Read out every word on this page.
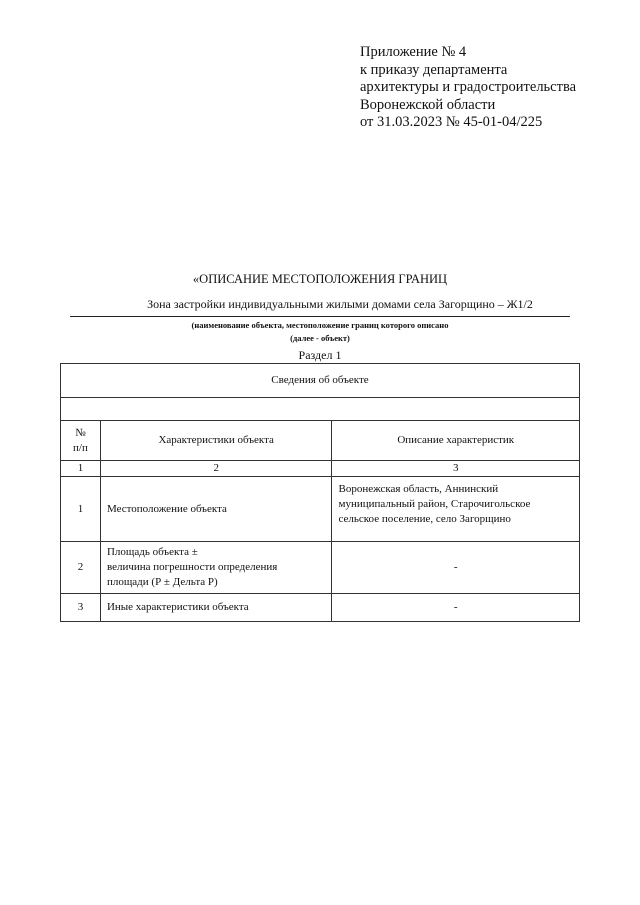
Приложение № 4
к приказу департамента
архитектуры и градостроительства
Воронежской области
от 31.03.2023 № 45-01-04/225
«ОПИСАНИЕ МЕСТОПОЛОЖЕНИЯ ГРАНИЦ
Зона застройки индивидуальными жилыми домами села Загорщино – Ж1/2
(наименование объекта, местоположение границ которого описано
(далее - объект)
Раздел 1
Сведения об объекте		

№
п/п	Характеристики объекта	Описание характеристик
1	2	3
1	Местоположение объекта	Воронежская область, Аннинский
муниципальный район, Старочигольское
сельское поселение, село Загорщино

2	Площадь объекта ±
величина погрешности определения
площади (Р ± Дельта Р)	-
3	Иные характеристики объекта	-
